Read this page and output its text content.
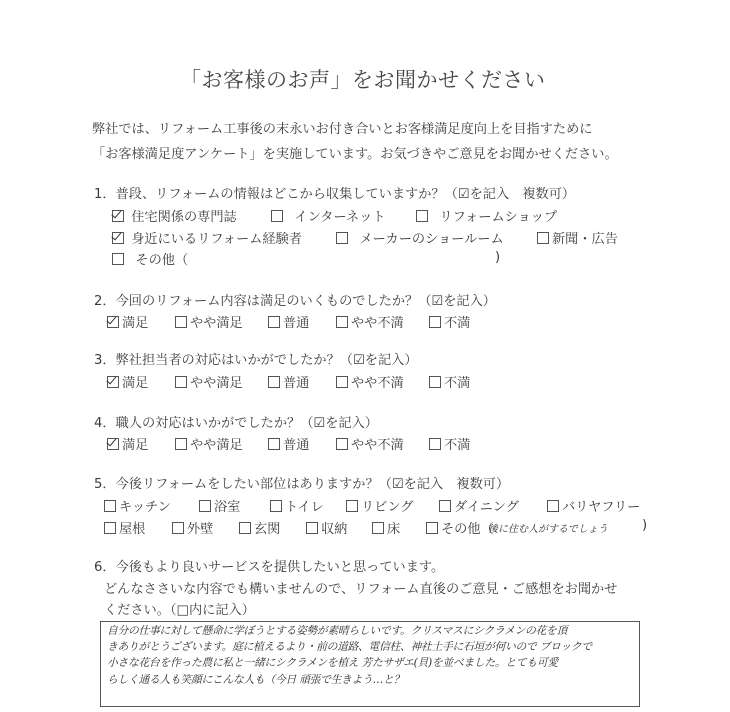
「お客様のお声」をお聞かせください
弊社では、リフォーム工事後の末永いお付き合いとお客様満足度向上を目指すために
「お客様満足度アンケート」を実施しています。お気づきやご意見をお聞かせください。
1．普段、リフォームの情報はどこから収集していますか？（☑を記入　複数可）
住宅関係の専門誌	インターネット	リフォームショップ
身近にいるリフォーム経験者	メーカーのショールーム	新聞・広告
その他（	)
2．今回のリフォーム内容は満足のいくものでしたか？（☑を記入）
満足	やや満足	普通	やや不満	不満
3．弊社担当者の対応はいかがでしたか？（☑を記入）
満足	やや満足	普通	やや不満	不満
4．職人の対応はいかがでしたか？（☑を記入）
満足	やや満足	普通	やや不満	不満
5．今後リフォームをしたい部位はありますか？（☑を記入　複数可）
キッチン	浴室	トイレ	リビング	ダイニング	バリヤフリー
屋根	外壁	玄関	収納	床	その他（
後に住む人がするでしょう	)
6．今後もより良いサービスを提供したいと思っています。
どんなささいな内容でも構いませんので、リフォーム直後のご意見・ご感想をお聞かせ
ください。（□内に記入）
自分の仕事に対して懸命に学ぼうとする姿勢が素晴らしいです。クリスマスにシクラメンの花を頂
きありがとうございます。庭に植えるより・前の道路、電信柱、神社土手に石垣が何いので ブロックで
小さな花台を作った農に私と一緒にシクラメンを植え 芳たサザエ(貝)を並べました。とても可愛
らしく通る人も笑顔にこんな人も（今日 頑張で生きよう…と？
